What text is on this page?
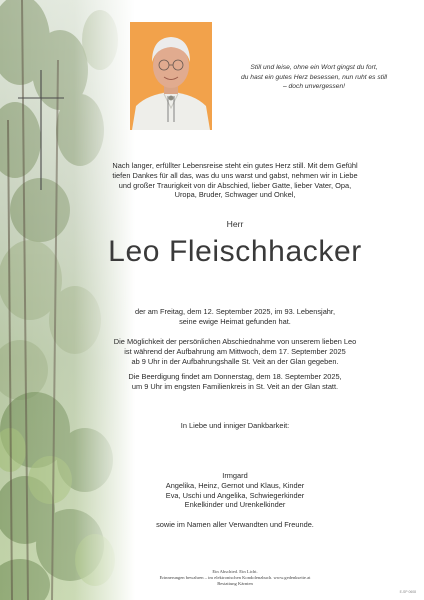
Still und leise, ohne ein Wort gingst du fort,
du hast ein gutes Herz besessen, nun ruht es still
– doch unvergessen!
Nach langer, erfüllter Lebensreise steht ein gutes Herz still. Mit dem Gefühl
tiefen Dankes für all das, was du uns warst und gabst, nehmen wir in Liebe
und großer Traurigkeit von dir Abschied, lieber Gatte, lieber Vater, Opa,
Uropa, Bruder, Schwager und Onkel,
Herr
Leo Fleischhacker
der am Freitag, dem 12. September 2025, im 93. Lebensjahr,
seine ewige Heimat gefunden hat.
Die Möglichkeit der persönlichen Abschiednahme von unserem lieben Leo
ist während der Aufbahrung am Mittwoch, dem 17. September 2025
ab 9 Uhr in der Aufbahrungshalle St. Veit an der Glan gegeben.
Die Beerdigung findet am Donnerstag, dem 18. September 2025,
um 9 Uhr im engsten Familienkreis in St. Veit an der Glan statt.
In Liebe und inniger Dankbarkeit:
Irmgard
Angelika, Heinz, Gernot und Klaus, Kinder
Eva, Uschi und Angelika, Schwiegerkinder
Enkelkinder und Urenkelkinder
sowie im Namen aller Verwandten und Freunde.
Ein Abschied. Ein Licht.
Erinnerungen bewahren – im elektronischen Kondolenzbuch. www.gedenkseite.at
Bestattung Kärnten
E-SP 0608
